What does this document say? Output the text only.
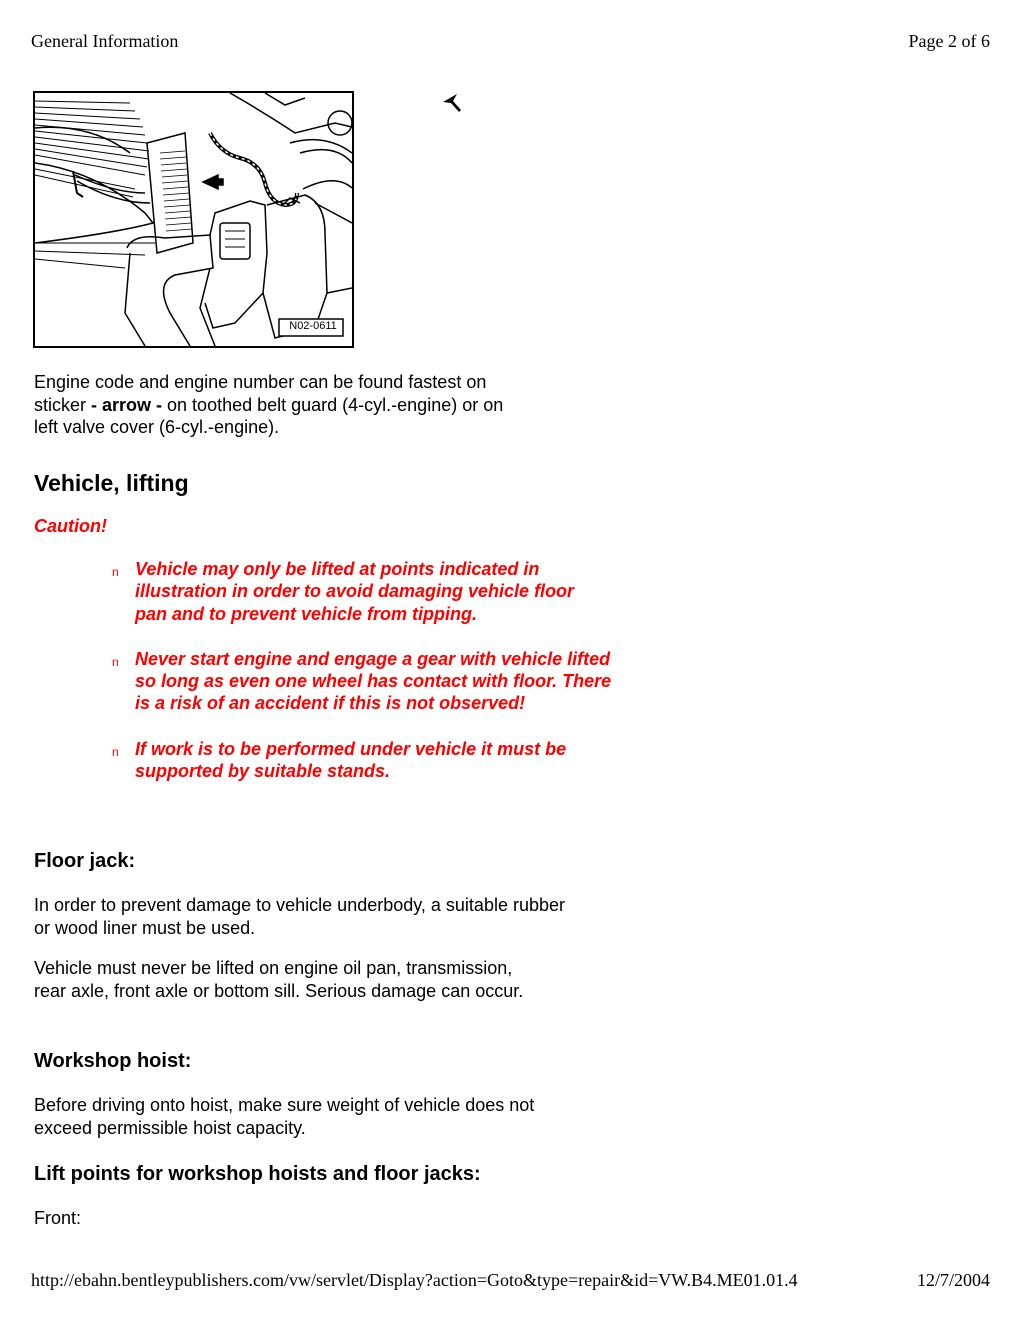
General Information	Page 2 of 6
N02-0611
Engine code and engine number can be found fastest on
sticker - arrow - on toothed belt guard (4-cyl.-engine) or on
left valve cover (6-cyl.-engine).
Vehicle, lifting
Caution!
n Vehicle may only be lifted at points indicated in illustration in order to avoid damaging vehicle floor pan and to prevent vehicle from tipping.
n Never start engine and engage a gear with vehicle lifted so long as even one wheel has contact with floor. There is a risk of an accident if this is not observed!
n If work is to be performed under vehicle it must be supported by suitable stands.
Floor jack:

In order to prevent damage to vehicle underbody, a suitable rubber or wood liner must be used.

Vehicle must never be lifted on engine oil pan, transmission, rear axle, front axle or bottom sill. Serious damage can occur.

Workshop hoist:

Before driving onto hoist, make sure weight of vehicle does not exceed permissible hoist capacity.

Lift points for workshop hoists and floor jacks:

Front:

http://ebahn.bentleypublishers.com/vw/servlet/Display?action=Goto&type=repair&id=VW.B4.ME01.01.4	12/7/2004
